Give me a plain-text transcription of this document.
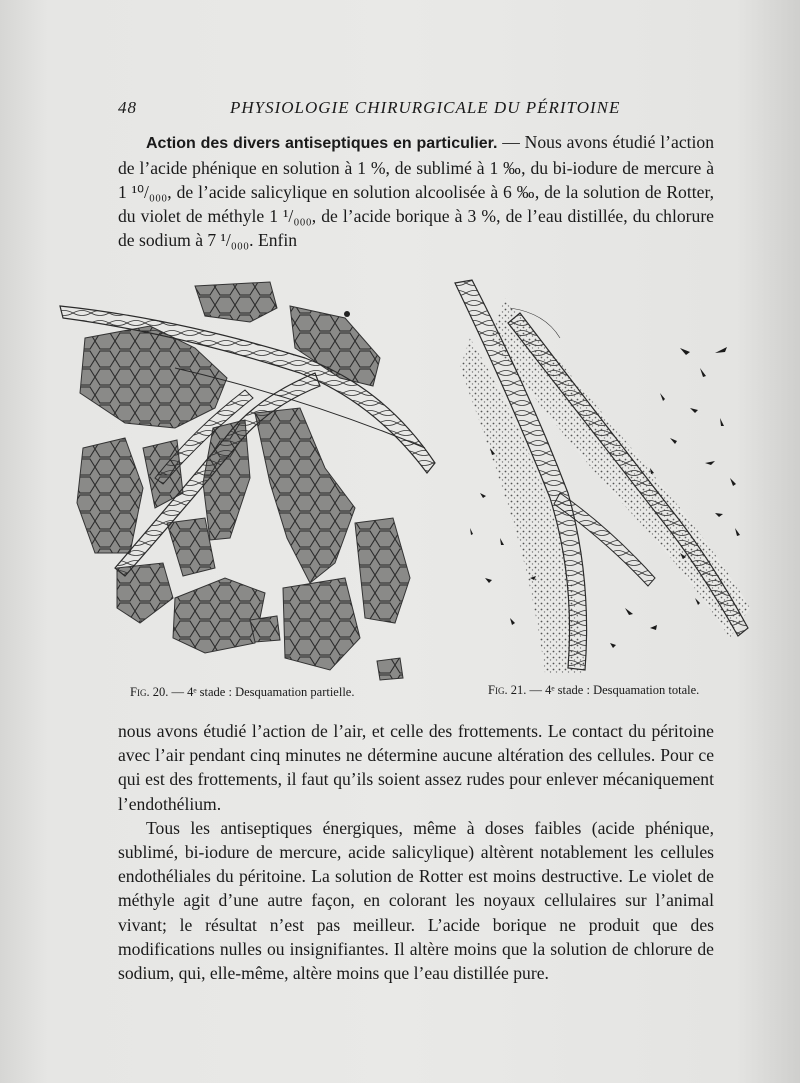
48	PHYSIOLOGIE CHIRURGICALE DU PÉRITOINE

Action des divers antiseptiques en particulier. — Nous avons étudié l’action de l’acide phénique en solution à 1 %, de sublimé à 1 ‰, du bi-iodure de mercure à 1 ¹⁰/₀₀₀, de l’acide salicylique en solution alcoolisée à 6 ‰, de la solution de Rotter, du violet de méthyle 1 ¹/₀₀₀, de l’acide borique à 3 %, de l’eau distillée, du chlorure de sodium à 7 ¹/₀₀₀. Enfin

Fig. 20. — 4ᵉ stade : Desquamation partielle.	Fig. 21. — 4ᵉ stade : Desquamation totale.

nous avons étudié l’action de l’air, et celle des frottements. Le contact du péritoine avec l’air pendant cinq minutes ne détermine aucune altération des cellules. Pour ce qui est des frottements, il faut qu’ils soient assez rudes pour enlever mécaniquement l’endothélium.

Tous les antiseptiques énergiques, même à doses faibles (acide phénique, sublimé, bi-iodure de mercure, acide salicylique) altèrent notablement les cellules endothéliales du péritoine. La solution de Rotter est moins destructive. Le violet de méthyle agit d’une autre façon, en colorant les noyaux cellulaires sur l’animal vivant; le résultat n’est pas meilleur. L’acide borique ne produit que des modifications nulles ou insignifiantes. Il altère moins que la solution de chlorure de sodium, qui, elle-même, altère moins que l’eau distillée pure.
